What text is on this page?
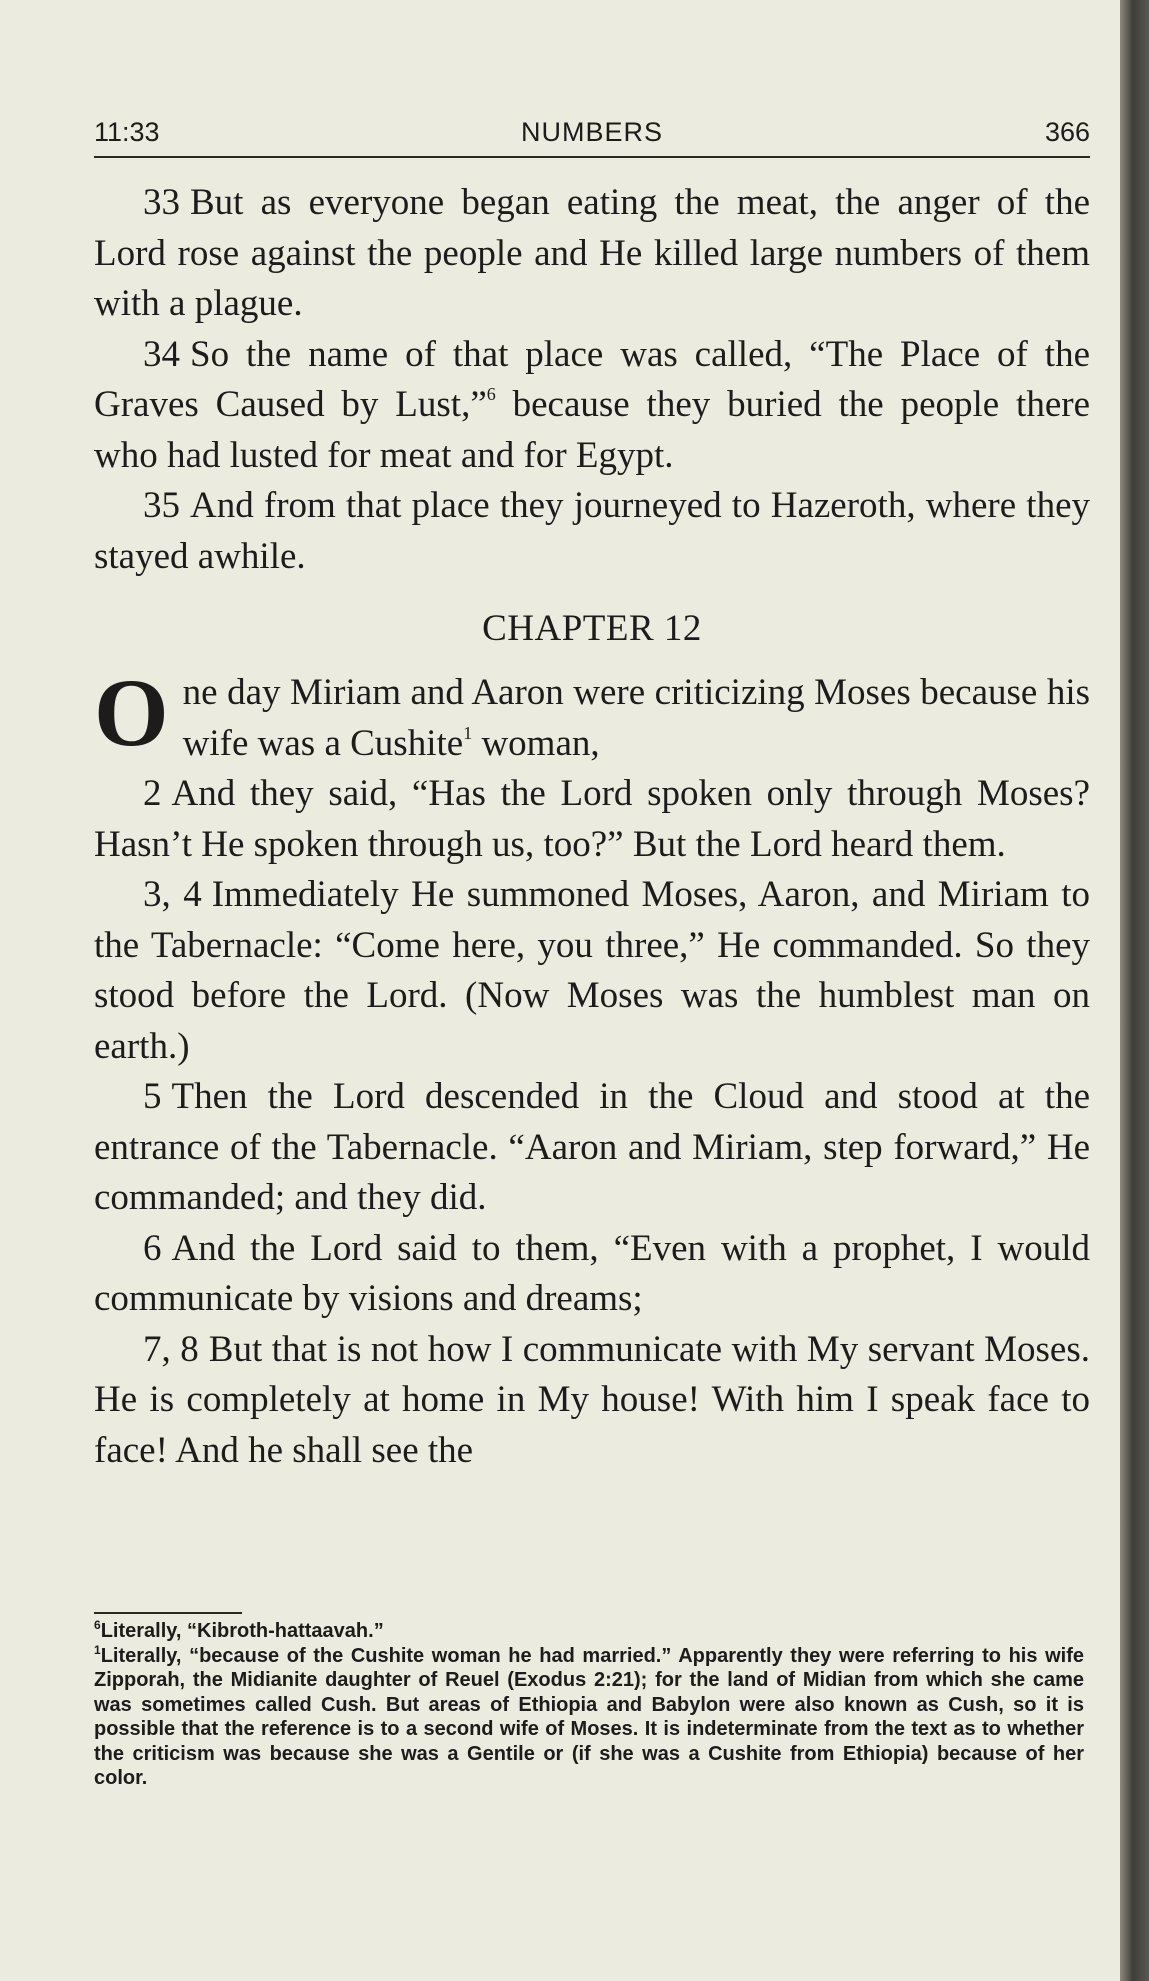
11:33	NUMBERS	366

33 But as everyone began eating the meat, the anger of the Lord rose against the people and He killed large numbers of them with a plague.

34 So the name of that place was called, “The Place of the Graves Caused by Lust,”$^6$ because they buried the people there who had lusted for meat and for Egypt.

35 And from that place they journeyed to Hazeroth, where they stayed awhile.

CHAPTER 12

One day Miriam and Aaron were criticizing Moses because his wife was a Cushite$^1$ woman,

2 And they said, “Has the Lord spoken only through Moses? Hasn’t He spoken through us, too?” But the Lord heard them.

3, 4 Immediately He summoned Moses, Aaron, and Miriam to the Tabernacle: “Come here, you three,” He commanded. So they stood before the Lord. (Now Moses was the humblest man on earth.)

5 Then the Lord descended in the Cloud and stood at the entrance of the Tabernacle. “Aaron and Miriam, step forward,” He commanded; and they did.

6 And the Lord said to them, “Even with a prophet, I would communicate by visions and dreams;

7, 8 But that is not how I communicate with My servant Moses. He is completely at home in My house! With him I speak face to face! And he shall see the

$^6$Literally, “Kibroth-hattaavah.”

$^1$Literally, “because of the Cushite woman he had married.” Apparently they were referring to his wife Zipporah, the Midianite daughter of Reuel (Exodus 2:21); for the land of Midian from which she came was sometimes called Cush. But areas of Ethiopia and Babylon were also known as Cush, so it is possible that the reference is to a second wife of Moses. It is indeterminate from the text as to whether the criticism was because she was a Gentile or (if she was a Cushite from Ethiopia) because of her color.
